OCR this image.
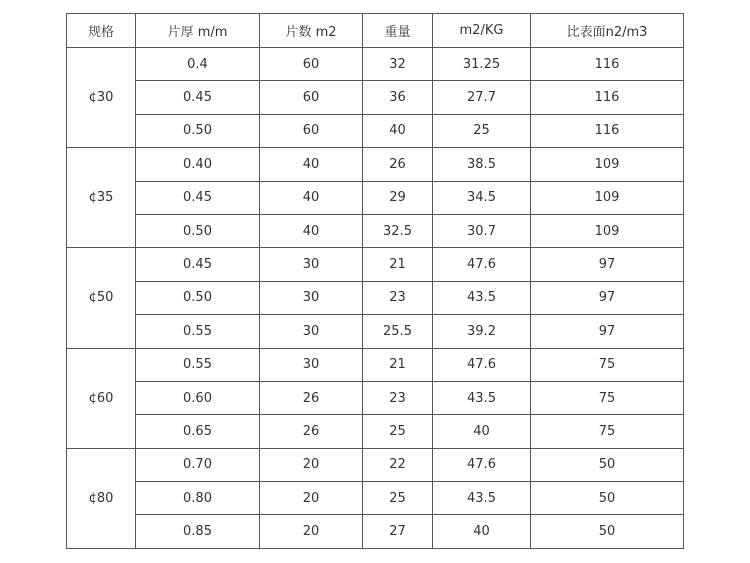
规格	片厚 m/m	片数 m2	重量	m2/KG	比表面n2/m3
¢30	0.4	60	32	31.25	116
	0.45	60	36	27.7	116
	0.50	60	40	25	116
¢35	0.40	40	26	38.5	109
	0.45	40	29	34.5	109
	0.50	40	32.5	30.7	109
¢50	0.45	30	21	47.6	97
	0.50	30	23	43.5	97
	0.55	30	25.5	39.2	97
¢60	0.55	30	21	47.6	75
	0.60	26	23	43.5	75
	0.65	26	25	40	75
¢80	0.70	20	22	47.6	50
	0.80	20	25	43.5	50
	0.85	20	27	40	50
